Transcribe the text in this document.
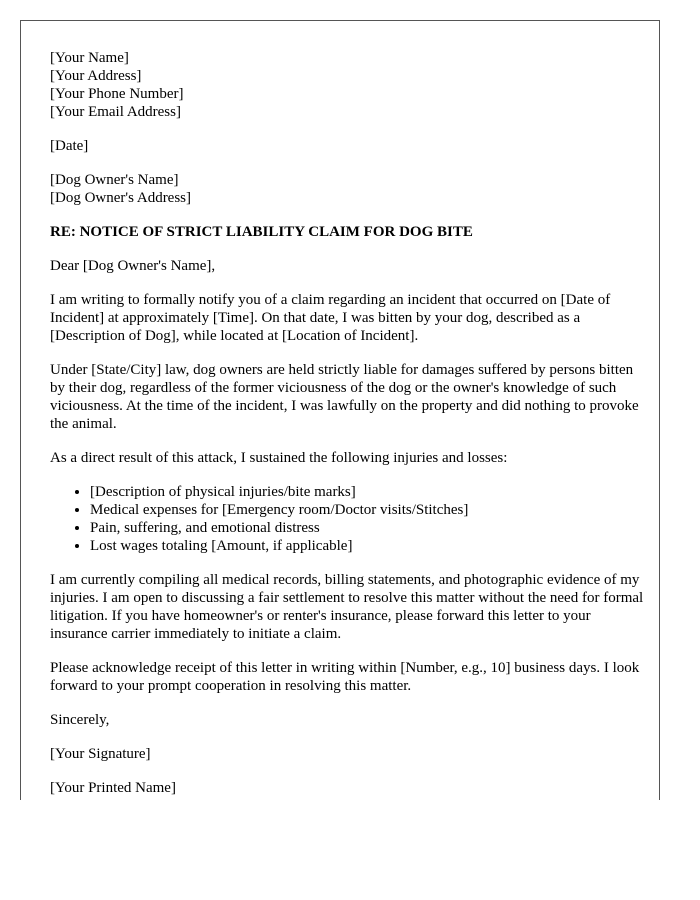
[Your Name]
[Your Address]
[Your Phone Number]
[Your Email Address]
[Date]
[Dog Owner's Name]
[Dog Owner's Address]
RE: NOTICE OF STRICT LIABILITY CLAIM FOR DOG BITE
Dear [Dog Owner's Name],

I am writing to formally notify you of a claim regarding an incident that occurred on [Date of Incident] at approximately [Time]. On that date, I was bitten by your dog, described as a [Description of Dog], while located at [Location of Incident].

Under [State/City] law, dog owners are held strictly liable for damages suffered by persons bitten by their dog, regardless of the former viciousness of the dog or the owner's knowledge of such viciousness. At the time of the incident, I was lawfully on the property and did nothing to provoke the animal.

As a direct result of this attack, I sustained the following injuries and losses:

• [Description of physical injuries/bite marks]
• Medical expenses for [Emergency room/Doctor visits/Stitches]
• Pain, suffering, and emotional distress
• Lost wages totaling [Amount, if applicable]

I am currently compiling all medical records, billing statements, and photographic evidence of my injuries. I am open to discussing a fair settlement to resolve this matter without the need for formal litigation. If you have homeowner's or renter's insurance, please forward this letter to your insurance carrier immediately to initiate a claim.

Please acknowledge receipt of this letter in writing within [Number, e.g., 10] business days. I look forward to your prompt cooperation in resolving this matter.

Sincerely,
[Your Signature]
[Your Printed Name]
